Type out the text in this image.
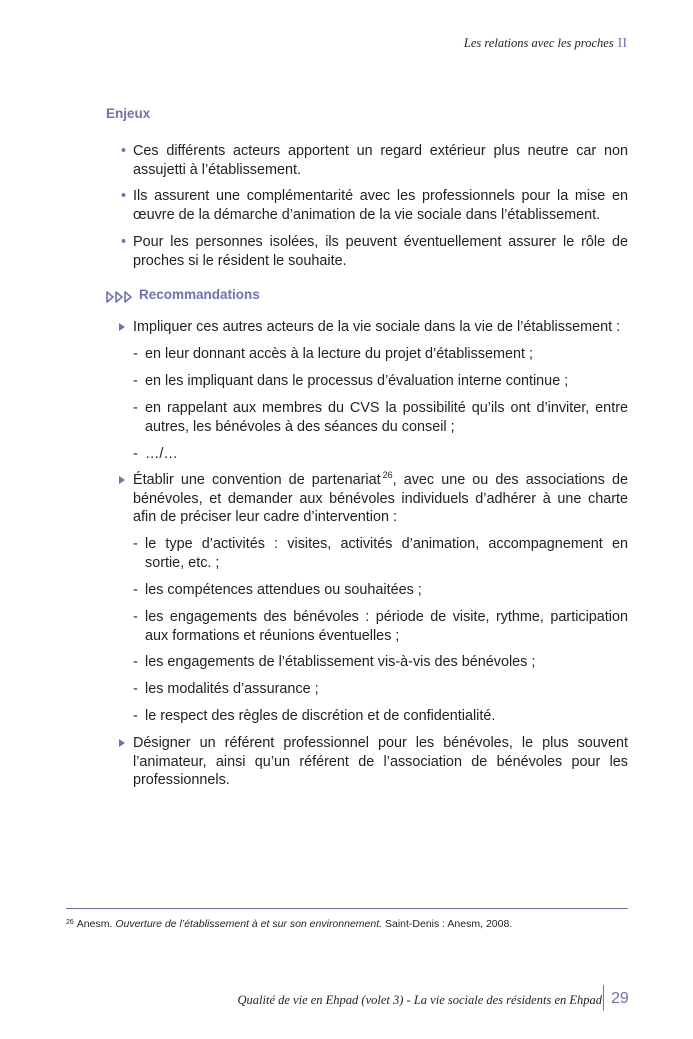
Les relations avec les proches II
Enjeux
• Ces différents acteurs apportent un regard extérieur plus neutre car non assujetti à l’établissement.
• Ils assurent une complémentarité avec les professionnels pour la mise en œuvre de la démarche d’animation de la vie sociale dans l’établissement.
• Pour les personnes isolées, ils peuvent éventuellement assurer le rôle de proches si le résident le souhaite.
Recommandations
Impliquer ces autres acteurs de la vie sociale dans la vie de l’établissement :
- en leur donnant accès à la lecture du projet d’établissement ;
- en les impliquant dans le processus d’évaluation interne continue ;
- en rappelant aux membres du CVS la possibilité qu’ils ont d’inviter, entre autres, les bénévoles à des séances du conseil ;
- …/…
Établir une convention de partenariat $^{26}$, avec une ou des associations de bénévoles, et demander aux bénévoles individuels d’adhérer à une charte afin de préciser leur cadre d’intervention :
- le type d’activités : visites, activités d’animation, accompagnement en sortie, etc. ;
- les compétences attendues ou souhaitées ;
- les engagements des bénévoles : période de visite, rythme, participation aux formations et réunions éventuelles ;
- les engagements de l’établissement vis-à-vis des bénévoles ;
- les modalités d’assurance ;
- le respect des règles de discrétion et de confidentialité.
Désigner un référent professionnel pour les bénévoles, le plus souvent l’animateur, ainsi qu’un référent de l’association de bénévoles pour les professionnels.
$^{26}$ Anesm. Ouverture de l’établissement à et sur son environnement. Saint-Denis : Anesm, 2008.
Qualité de vie en Ehpad (volet 3) - La vie sociale des résidents en Ehpad 29
